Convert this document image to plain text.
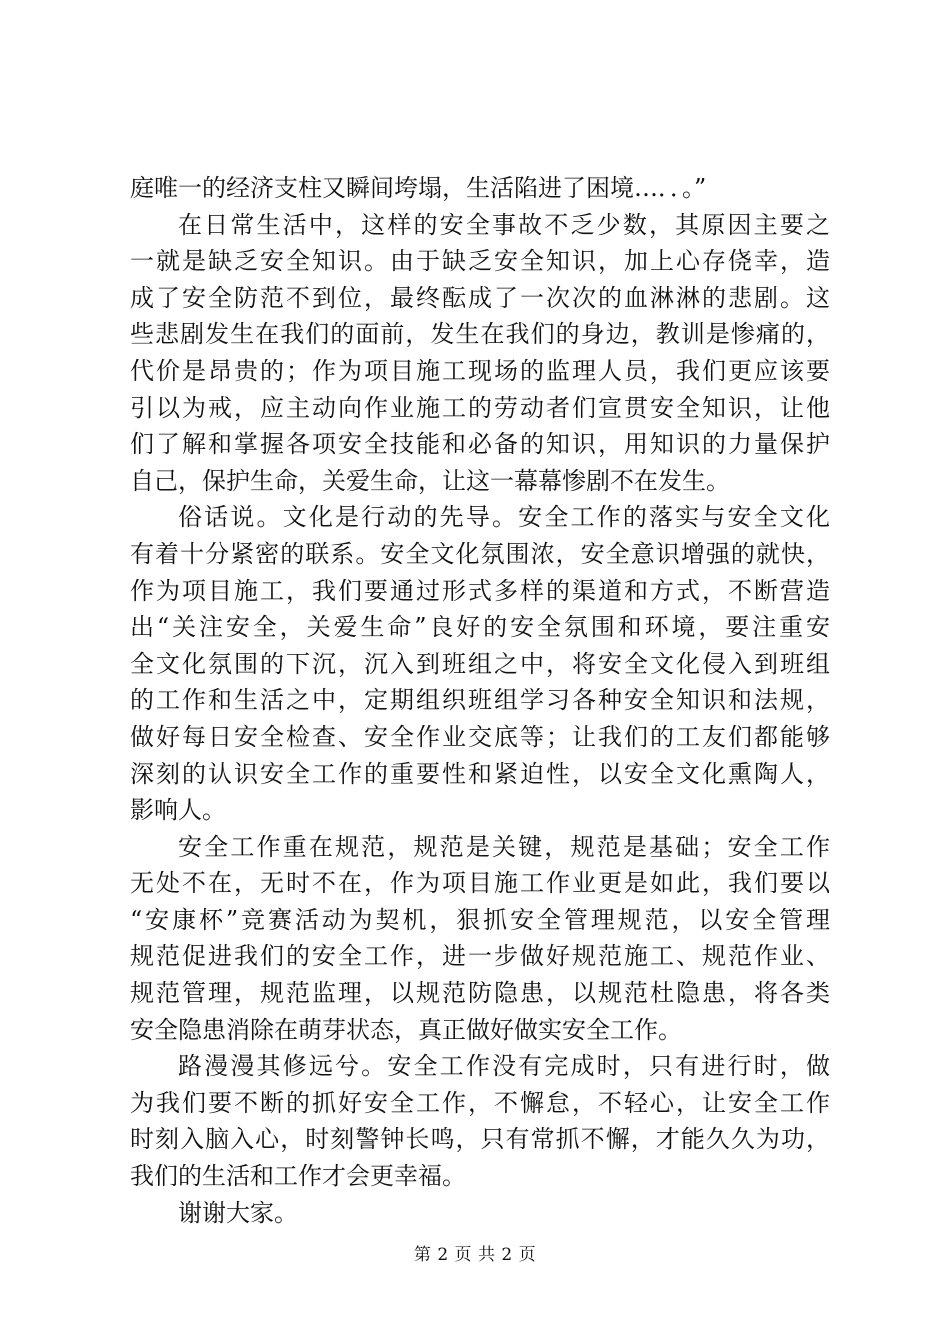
庭唯一的经济支柱又瞬间垮塌，生活陷进了困境…．．。”
在日常生活中，这样的安全事故不乏少数，其原因主要之
一就是缺乏安全知识。由于缺乏安全知识，加上心存侥幸，造
成了安全防范不到位，最终酝成了一次次的血淋淋的悲剧。这
些悲剧发生在我们的面前，发生在我们的身边，教训是惨痛的，
代价是昂贵的；作为项目施工现场的监理人员，我们更应该要
引以为戒，应主动向作业施工的劳动者们宣贯安全知识，让他
们了解和掌握各项安全技能和必备的知识，用知识的力量保护
自己，保护生命，关爱生命，让这一幕幕惨剧不在发生。
俗话说。文化是行动的先导。安全工作的落实与安全文化
有着十分紧密的联系。安全文化氛围浓，安全意识增强的就快，
作为项目施工，我们要通过形式多样的渠道和方式，不断营造
出“关注安全，关爱生命”良好的安全氛围和环境，要注重安
全文化氛围的下沉，沉入到班组之中，将安全文化侵入到班组
的工作和生活之中，定期组织班组学习各种安全知识和法规，
做好每日安全检查、安全作业交底等；让我们的工友们都能够
深刻的认识安全工作的重要性和紧迫性，以安全文化熏陶人，
影响人。
安全工作重在规范，规范是关键，规范是基础；安全工作
无处不在，无时不在，作为项目施工作业更是如此，我们要以
“安康杯”竞赛活动为契机，狠抓安全管理规范，以安全管理
规范促进我们的安全工作，进一步做好规范施工、规范作业、
规范管理，规范监理，以规范防隐患，以规范杜隐患，将各类
安全隐患消除在萌芽状态，真正做好做实安全工作。
路漫漫其修远兮。安全工作没有完成时，只有进行时，做
为我们要不断的抓好安全工作，不懈怠，不轻心，让安全工作
时刻入脑入心，时刻警钟长鸣，只有常抓不懈，才能久久为功，
我们的生活和工作才会更幸福。
谢谢大家。
第 2 页 共 2 页
